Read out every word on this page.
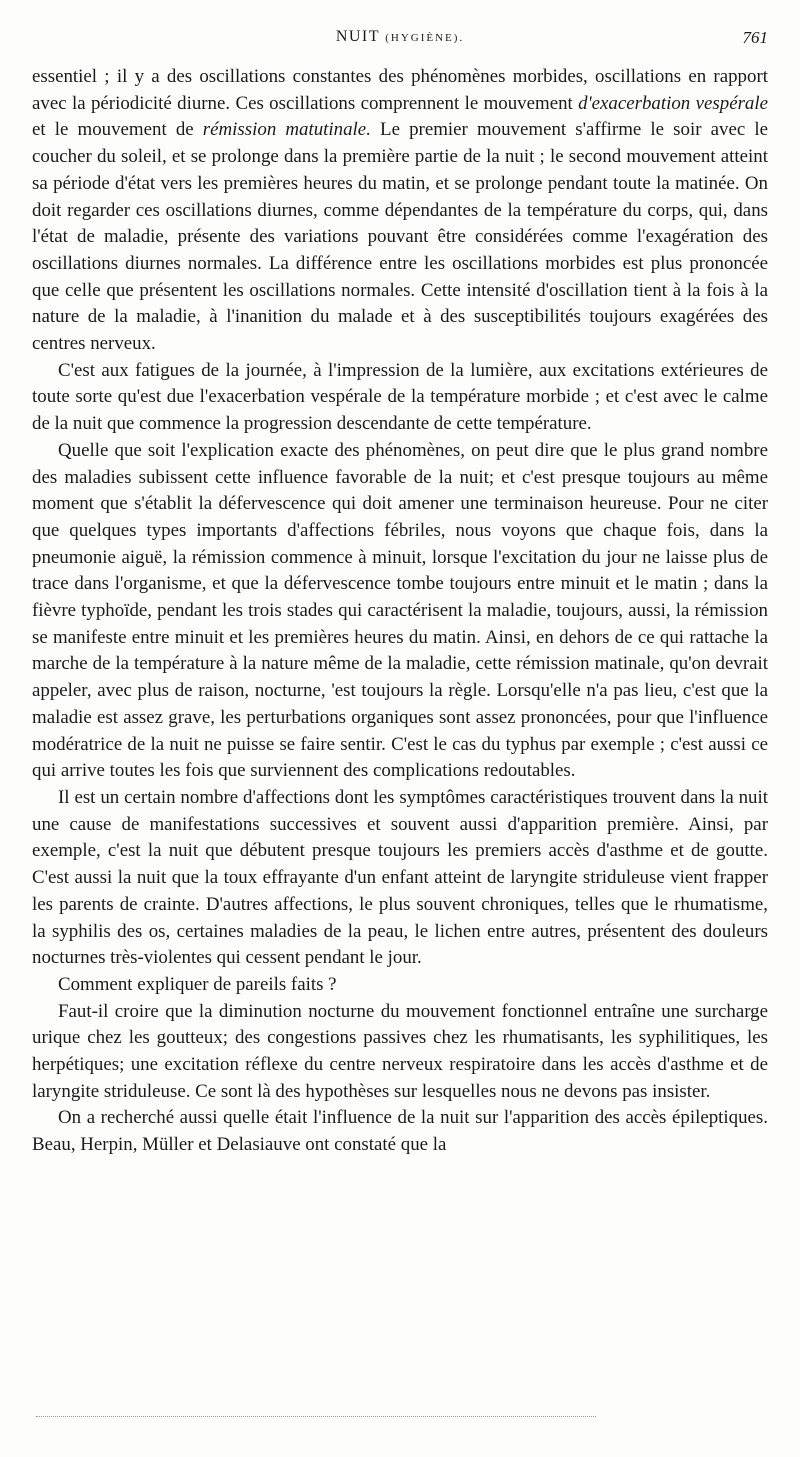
NUIT (HYGIÈNE).	761

essentiel ; il y a des oscillations constantes des phénomènes morbides, oscillations en rapport avec la périodicité diurne. Ces oscillations comprennent le mouvement d'exacerbation vespérale et le mouvement de rémission matutinale. Le premier mouvement s'affirme le soir avec le coucher du soleil, et se prolonge dans la première partie de la nuit ; le second mouvement atteint sa période d'état vers les premières heures du matin, et se prolonge pendant toute la matinée. On doit regarder ces oscillations diurnes, comme dépendantes de la température du corps, qui, dans l'état de maladie, présente des variations pouvant être considérées comme l'exagération des oscillations diurnes normales. La différence entre les oscillations morbides est plus prononcée que celle que présentent les oscillations normales. Cette intensité d'oscillation tient à la fois à la nature de la maladie, à l'inanition du malade et à des susceptibilités toujours exagérées des centres nerveux.

C'est aux fatigues de la journée, à l'impression de la lumière, aux excitations extérieures de toute sorte qu'est due l'exacerbation vespérale de la température morbide ; et c'est avec le calme de la nuit que commence la progression descendante de cette température.

Quelle que soit l'explication exacte des phénomènes, on peut dire que le plus grand nombre des maladies subissent cette influence favorable de la nuit; et c'est presque toujours au même moment que s'établit la défervescence qui doit amener une terminaison heureuse. Pour ne citer que quelques types importants d'affections fébriles, nous voyons que chaque fois, dans la pneumonie aiguë, la rémission commence à minuit, lorsque l'excitation du jour ne laisse plus de trace dans l'organisme, et que la défervescence tombe toujours entre minuit et le matin ; dans la fièvre typhoïde, pendant les trois stades qui caractérisent la maladie, toujours, aussi, la rémission se manifeste entre minuit et les premières heures du matin. Ainsi, en dehors de ce qui rattache la marche de la température à la nature même de la maladie, cette rémission matinale, qu'on devrait appeler, avec plus de raison, nocturne, 'est toujours la règle. Lorsqu'elle n'a pas lieu, c'est que la maladie est assez grave, les perturbations organiques sont assez prononcées, pour que l'influence modératrice de la nuit ne puisse se faire sentir. C'est le cas du typhus par exemple ; c'est aussi ce qui arrive toutes les fois que surviennent des complications redoutables.

Il est un certain nombre d'affections dont les symptômes caractéristiques trouvent dans la nuit une cause de manifestations successives et souvent aussi d'apparition première. Ainsi, par exemple, c'est la nuit que débutent presque toujours les premiers accès d'asthme et de goutte. C'est aussi la nuit que la toux effrayante d'un enfant atteint de laryngite striduleuse vient frapper les parents de crainte. D'autres affections, le plus souvent chroniques, telles que le rhumatisme, la syphilis des os, certaines maladies de la peau, le lichen entre autres, présentent des douleurs nocturnes très-violentes qui cessent pendant le jour.

Comment expliquer de pareils faits ?

Faut-il croire que la diminution nocturne du mouvement fonctionnel entraîne une surcharge urique chez les goutteux; des congestions passives chez les rhumatisants, les syphilitiques, les herpétiques; une excitation réflexe du centre nerveux respiratoire dans les accès d'asthme et de laryngite striduleuse. Ce sont là des hypothèses sur lesquelles nous ne devons pas insister.

On a recherché aussi quelle était l'influence de la nuit sur l'apparition des accès épileptiques. Beau, Herpin, Müller et Delasiauve ont constaté que la
